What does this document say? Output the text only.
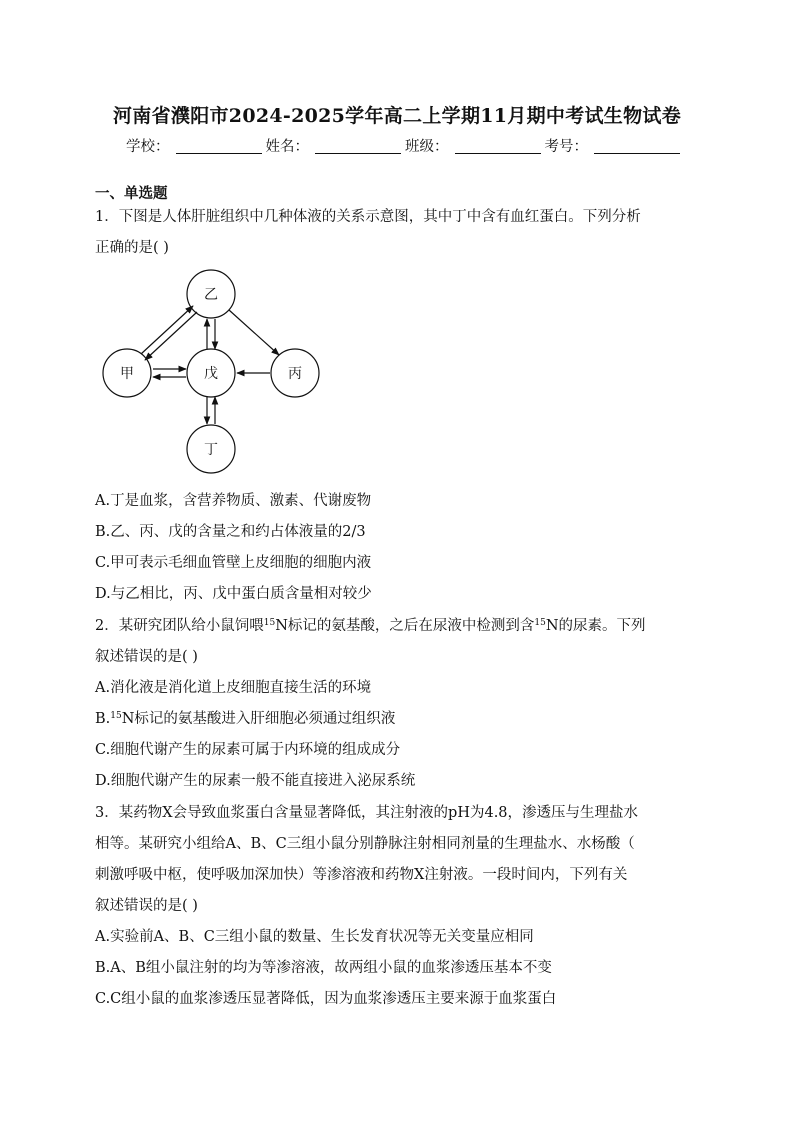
河南省濮阳市2024-2025学年高二上学期11月期中考试生物试卷
学校：	姓名：	班级：	考号：
一、单选题
1．下图是人体肝脏组织中几种体液的关系示意图，其中丁中含有血红蛋白。下列分析
正确的是( )
乙
甲	戊	丙
丁
A.丁是血浆，含营养物质、激素、代谢废物
B.乙、丙、戊的含量之和约占体液量的2/3
C.甲可表示毛细血管壁上皮细胞的细胞内液
D.与乙相比，丙、戊中蛋白质含量相对较少
2．某研究团队给小鼠饲喂$^{15}$N标记的氨基酸，之后在尿液中检测到含$^{15}$N的尿素。下列
叙述错误的是( )
A.消化液是消化道上皮细胞直接生活的环境
B.$^{15}$N标记的氨基酸进入肝细胞必须通过组织液
C.细胞代谢产生的尿素可属于内环境的组成成分
D.细胞代谢产生的尿素一般不能直接进入泌尿系统
3．某药物X会导致血浆蛋白含量显著降低，其注射液的pH为4.8，渗透压与生理盐水
相等。某研究小组给A、B、C三组小鼠分别静脉注射相同剂量的生理盐水、水杨酸（
刺激呼吸中枢，使呼吸加深加快）等渗溶液和药物X注射液。一段时间内，下列有关
叙述错误的是( )
A.实验前A、B、C三组小鼠的数量、生长发育状况等无关变量应相同
B.A、B组小鼠注射的均为等渗溶液，故两组小鼠的血浆渗透压基本不变
C.C组小鼠的血浆渗透压显著降低，因为血浆渗透压主要来源于血浆蛋白
